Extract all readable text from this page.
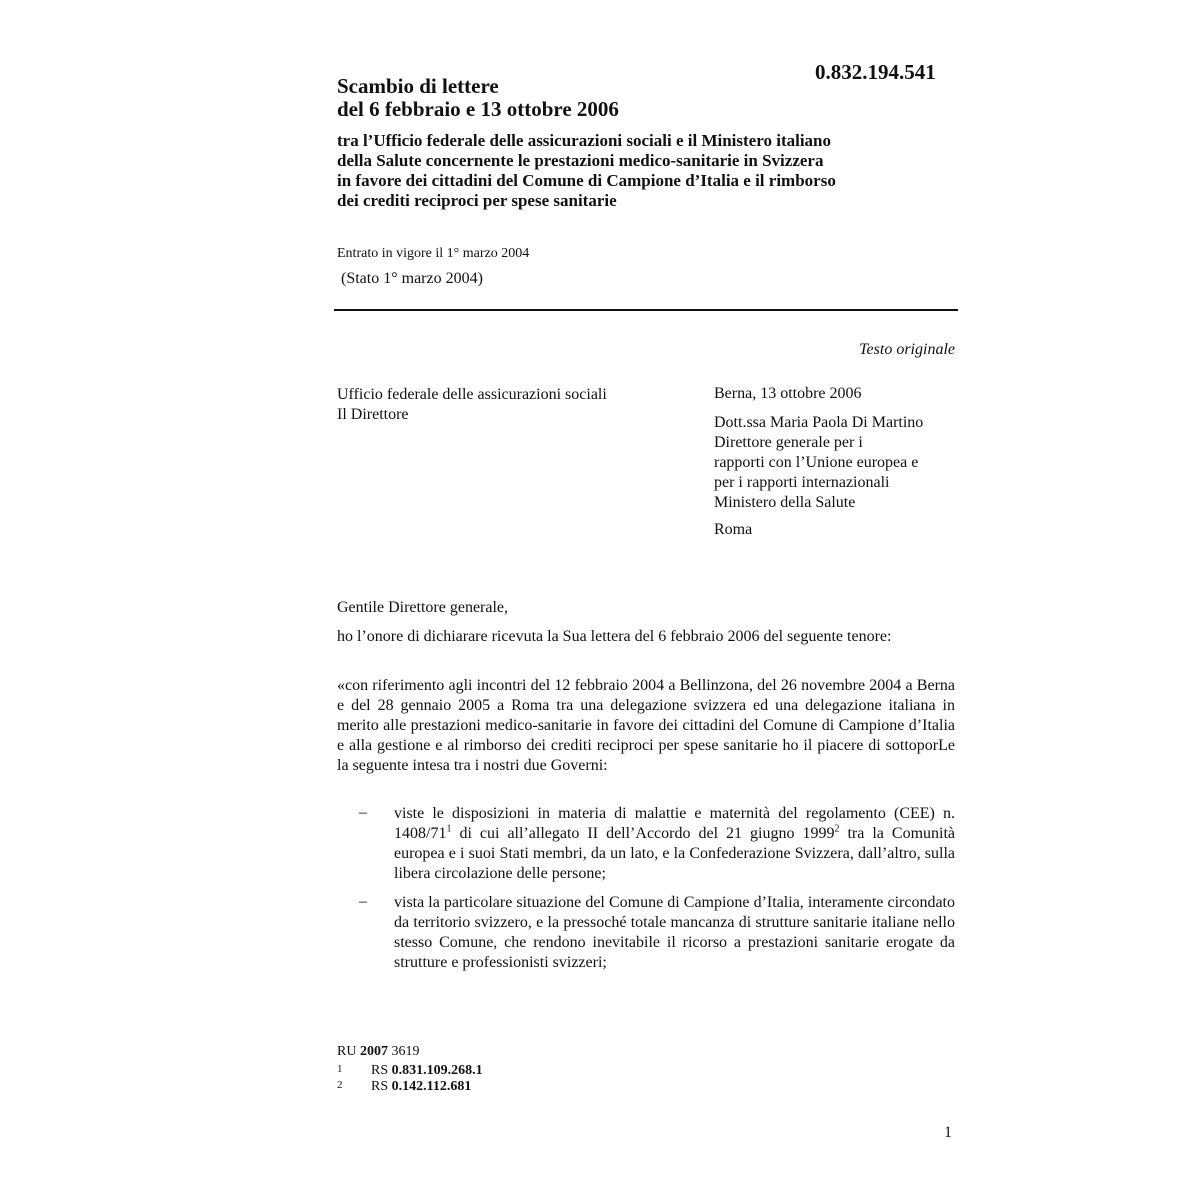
0.832.194.541
Scambio di lettere
del 6 febbraio e 13 ottobre 2006
tra l’Ufficio federale delle assicurazioni sociali e il Ministero italiano
della Salute concernente le prestazioni medico-sanitarie in Svizzera
in favore dei cittadini del Comune di Campione d’Italia e il rimborso
dei crediti reciproci per spese sanitarie
Entrato in vigore il 1° marzo 2004
(Stato 1° marzo 2004)
Testo originale
Ufficio federale delle assicurazioni sociali
Il Direttore
Berna, 13 ottobre 2006
Dott.ssa Maria Paola Di Martino
Direttore generale per i
rapporti con l’Unione europea e
per i rapporti internazionali
Ministero della Salute
Roma
Gentile Direttore generale,
ho l’onore di dichiarare ricevuta la Sua lettera del 6 febbraio 2006 del seguente tenore:
«con riferimento agli incontri del 12 febbraio 2004 a Bellinzona, del 26 novembre 2004 a Berna e del 28 gennaio 2005 a Roma tra una delegazione svizzera ed una delegazione italiana in merito alle prestazioni medico-sanitarie in favore dei cittadini del Comune di Campione d’Italia e alla gestione e al rimborso dei crediti reciproci per spese sanitarie ho il piacere di sottoporLe la seguente intesa tra i nostri due Governi:
– viste le disposizioni in materia di malattie e maternità del regolamento (CEE) n. $1408/71^1$ di cui all’allegato II dell’Accordo del 21 giugno 1999$^2$ tra la Comunità europea e i suoi Stati membri, da un lato, e la Confederazione Svizzera, dall’altro, sulla libera circolazione delle persone;
– vista la particolare situazione del Comune di Campione d’Italia, interamente circondato da territorio svizzero, e la pressoché totale mancanza di strutture sanitarie italiane nello stesso Comune, che rendono inevitabile il ricorso a prestazioni sanitarie erogate da strutture e professionisti svizzeri;
RU 2007 3619
1 RS 0.831.109.268.1
2 RS 0.142.112.681
1
